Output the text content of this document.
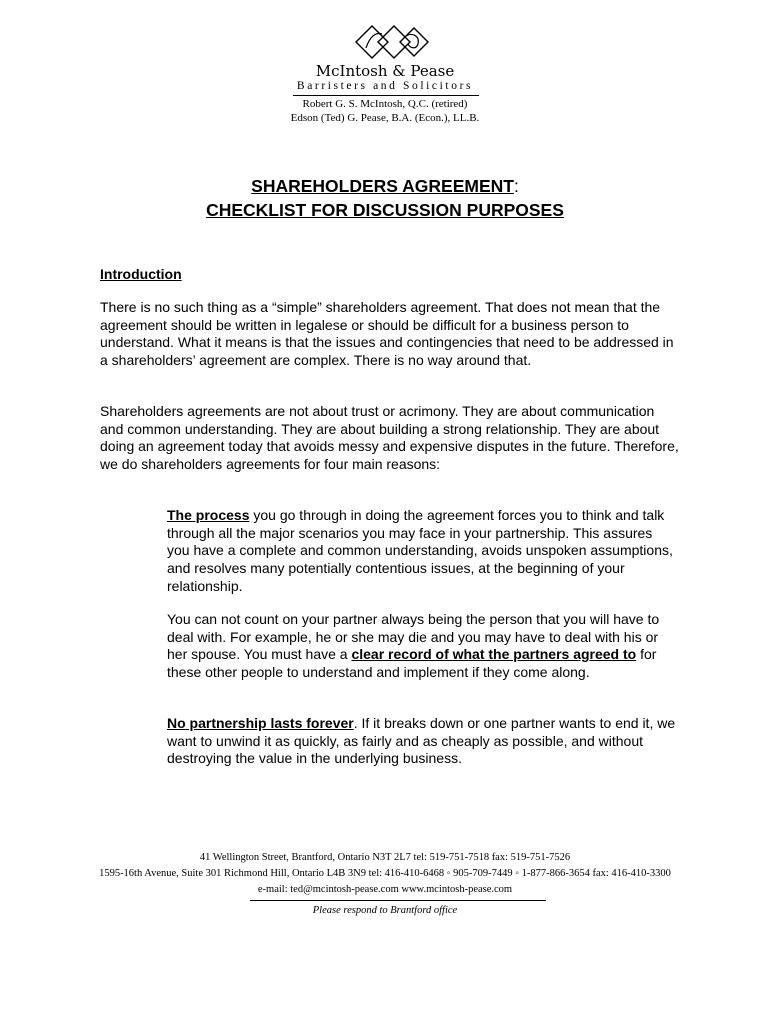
McIntosh & Pease
Barristers and Solicitors
Robert G. S. McIntosh, Q.C. (retired)
Edson (Ted) G. Pease, B.A. (Econ.), LL.B.
SHAREHOLDERS AGREEMENT:
CHECKLIST FOR DISCUSSION PURPOSES
Introduction

There is no such thing as a “simple” shareholders agreement. That does not mean that the agreement should be written in legalese or should be difficult for a business person to understand. What it means is that the issues and contingencies that need to be addressed in a shareholders’ agreement are complex. There is no way around that.

Shareholders agreements are not about trust or acrimony. They are about communication and common understanding. They are about building a strong relationship. They are about doing an agreement today that avoids messy and expensive disputes in the future. Therefore, we do shareholders agreements for four main reasons:

The process you go through in doing the agreement forces you to think and talk through all the major scenarios you may face in your partnership. This assures you have a complete and common understanding, avoids unspoken assumptions, and resolves many potentially contentious issues, at the beginning of your relationship.

You can not count on your partner always being the person that you will have to deal with. For example, he or she may die and you may have to deal with his or her spouse. You must have a clear record of what the partners agreed to for these other people to understand and implement if they come along.

No partnership lasts forever. If it breaks down or one partner wants to end it, we want to unwind it as quickly, as fairly and as cheaply as possible, and without destroying the value in the underlying business.

41 Wellington Street, Brantford, Ontario N3T 2L7 tel: 519-751-7518 fax: 519-751-7526
1595-16th Avenue, Suite 301 Richmond Hill, Ontario L4B 3N9 tel: 416-410-6468 ◦ 905-709-7449 ◦ 1-877-866-3654 fax: 416-410-3300
e-mail: ted@mcintosh-pease.com www.mcintosh-pease.com
Please respond to Brantford office
